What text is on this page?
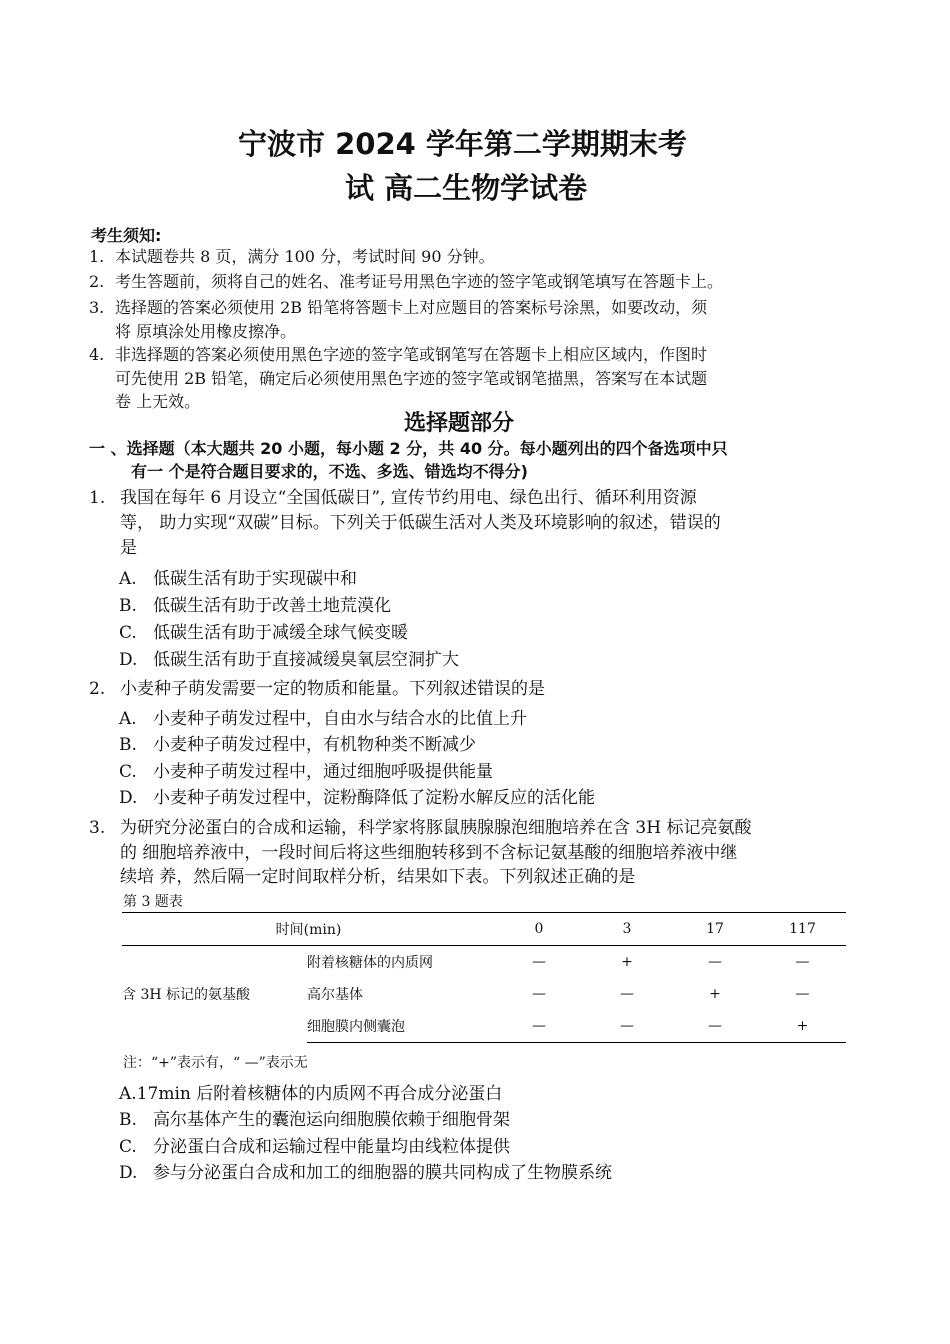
宁波市 2024 学年第二学期期末考
试 高二生物学试卷
考生须知:
1. 本试题卷共 8 页，满分 100 分，考试时间 90 分钟。
2. 考生答题前，须将自己的姓名、准考证号用黑色字迹的签字笔或钢笔填写在答题卡上。
3. 选择题的答案必须使用 2B 铅笔将答题卡上对应题目的答案标号涂黑，如要改动，须
将 原填涂处用橡皮擦净。
4. 非选择题的答案必须使用黑色字迹的签字笔或钢笔写在答题卡上相应区域内，作图时
可先使用 2B 铅笔，确定后必须使用黑色字迹的签字笔或钢笔描黑，答案写在本试题
卷 上无效。
选择题部分
一 、选择题（本大题共 20 小题，每小题 2 分，共 40 分。每小题列出的四个备选项中只
有一 个是符合题目要求的，不选、多选、错选均不得分)
1. 我国在每年 6 月设立“全国低碳日”, 宣传节约用电、绿色出行、循环利用资源
等， 助力实现“双碳”目标。下列关于低碳生活对人类及环境影响的叙述，错误的
是
A. 低碳生活有助于实现碳中和
B. 低碳生活有助于改善土地荒漠化
C. 低碳生活有助于减缓全球气候变暖
D. 低碳生活有助于直接减缓臭氧层空洞扩大
2. 小麦种子萌发需要一定的物质和能量。下列叙述错误的是
A. 小麦种子萌发过程中，自由水与结合水的比值上升
B. 小麦种子萌发过程中，有机物种类不断减少
C. 小麦种子萌发过程中，通过细胞呼吸提供能量
D. 小麦种子萌发过程中，淀粉酶降低了淀粉水解反应的活化能
3. 为研究分泌蛋白的合成和运输，科学家将豚鼠胰腺腺泡细胞培养在含 3H 标记亮氨酸
的 细胞培养液中，一段时间后将这些细胞转移到不含标记氨基酸的细胞培养液中继
续培 养，然后隔一定时间取样分析，结果如下表。下列叙述正确的是
第 3 题表
时间(min)		0	3	17	117
含 3H 标记的氨基酸	附着核糖体的内质网	—	+	—	—
	高尔基体	—	—	+	—
	细胞膜内侧囊泡	—	—	—	+
注：“+”表示有，“ —”表示无
A.17min 后附着核糖体的内质网不再合成分泌蛋白
B. 高尔基体产生的囊泡运向细胞膜依赖于细胞骨架
C. 分泌蛋白合成和运输过程中能量均由线粒体提供
D. 参与分泌蛋白合成和加工的细胞器的膜共同构成了生物膜系统
